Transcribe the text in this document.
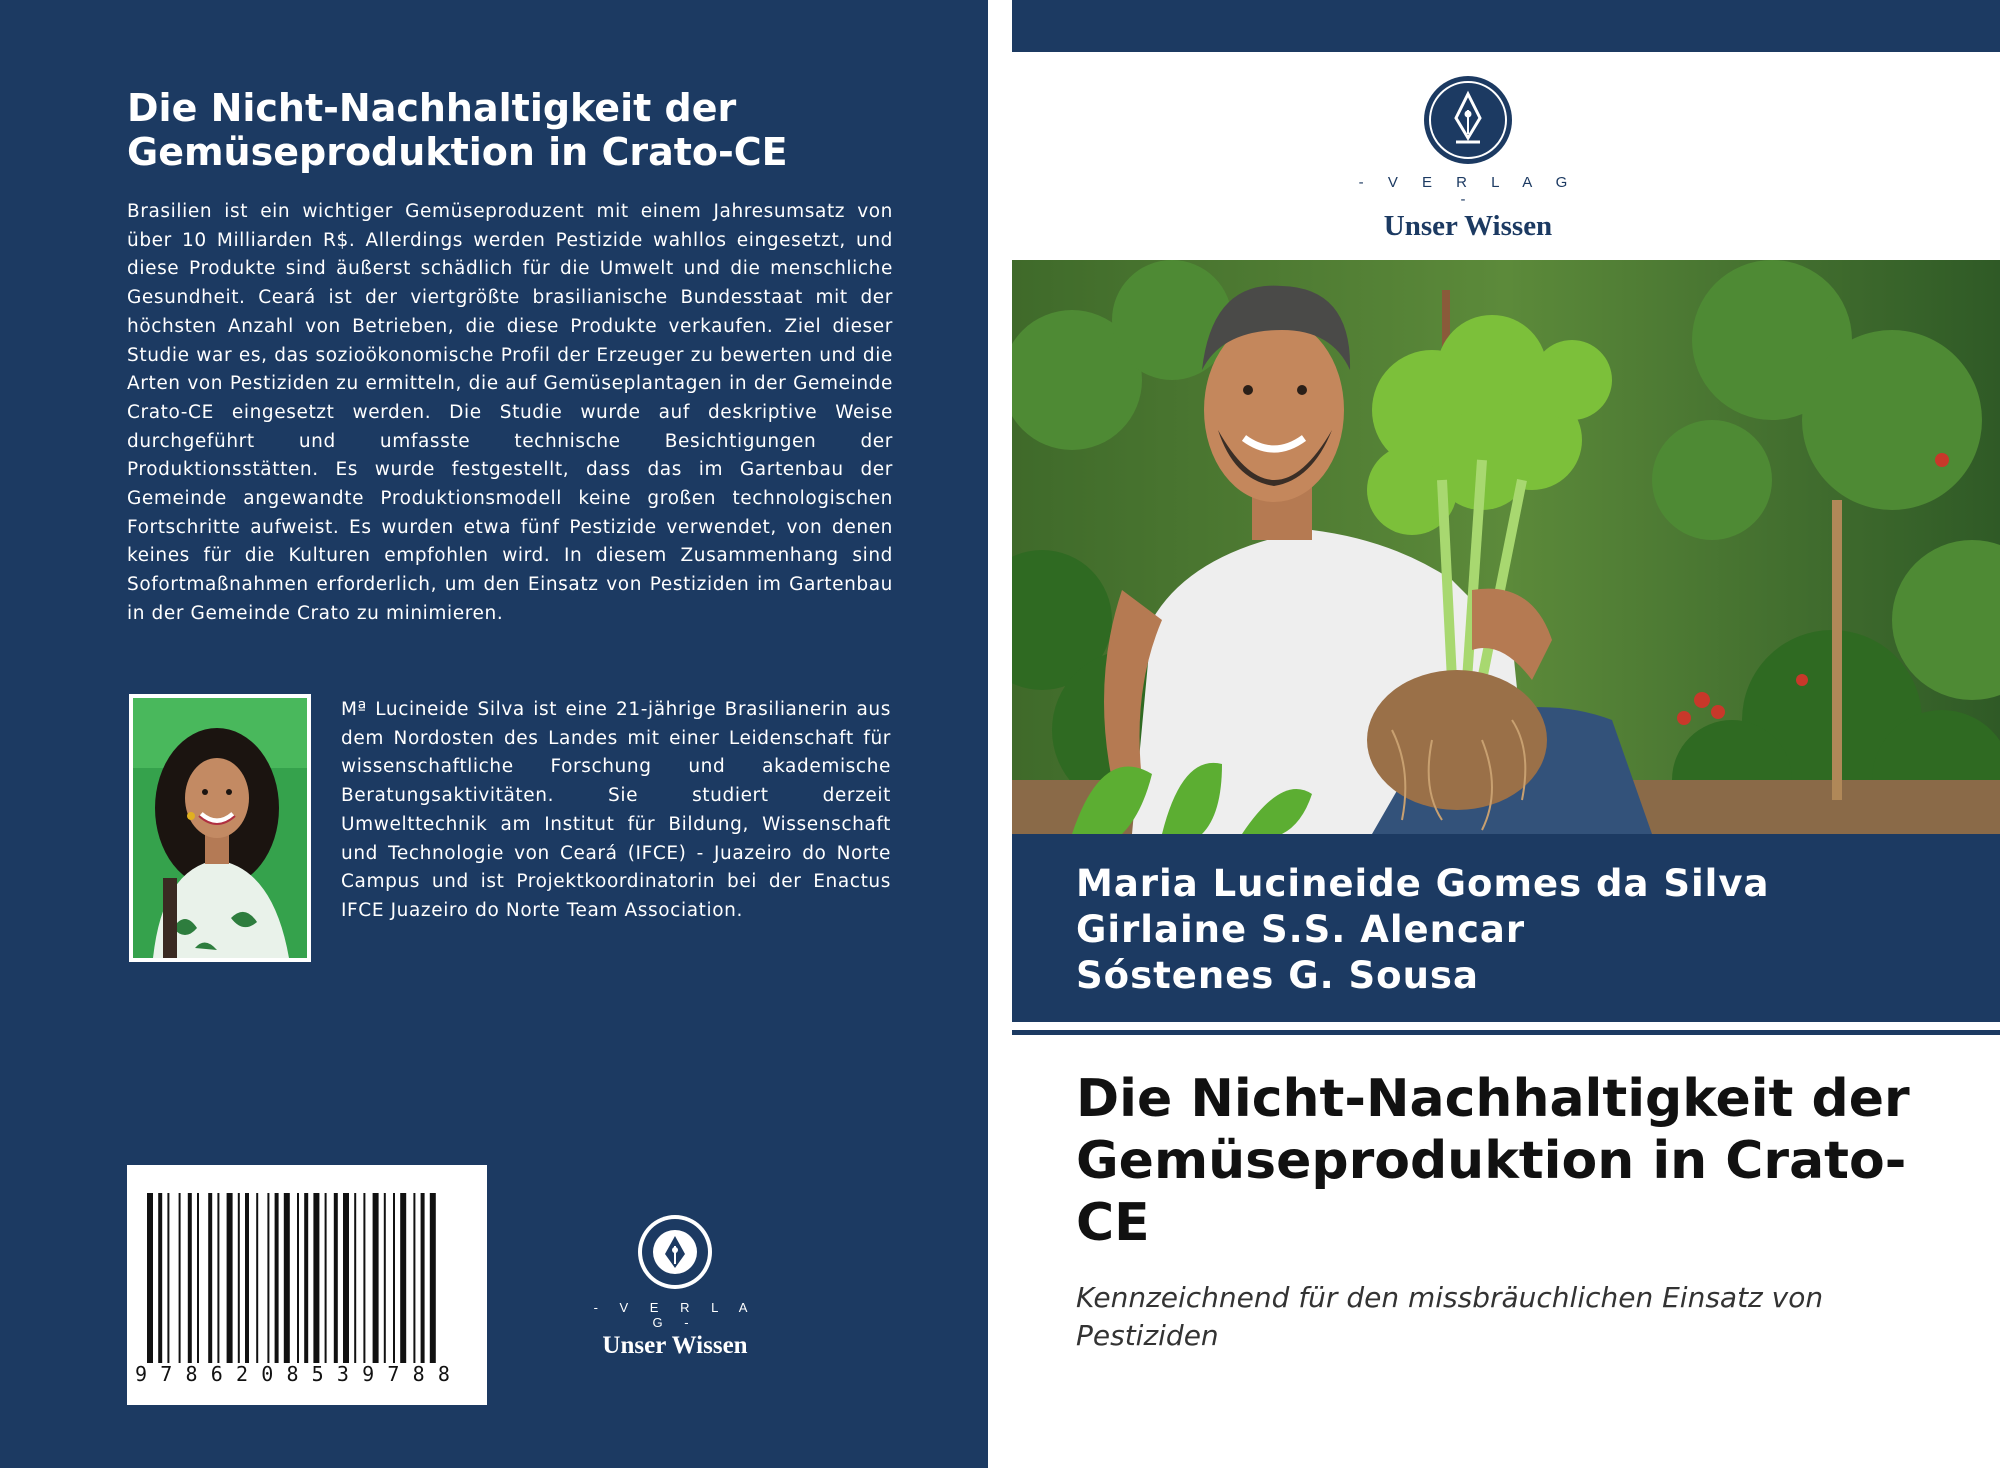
Die Nicht-Nachhaltigkeit der Gemüseproduktion in Crato-CE

Brasilien ist ein wichtiger Gemüseproduzent mit einem Jahresumsatz von über 10 Milliarden R$. Allerdings werden Pestizide wahllos eingesetzt, und diese Produkte sind äußerst schädlich für die Umwelt und die menschliche Gesundheit. Ceará ist der viertgrößte brasilianische Bundesstaat mit der höchsten Anzahl von Betrieben, die diese Produkte verkaufen. Ziel dieser Studie war es, das sozioökonomische Profil der Erzeuger zu bewerten und die Arten von Pestiziden zu ermitteln, die auf Gemüseplantagen in der Gemeinde Crato-CE eingesetzt werden. Die Studie wurde auf deskriptive Weise durchgeführt und umfasste technische Besichtigungen der Produktionsstätten. Es wurde festgestellt, dass das im Gartenbau der Gemeinde angewandte Produktionsmodell keine großen technologischen Fortschritte aufweist. Es wurden etwa fünf Pestizide verwendet, von denen keines für die Kulturen empfohlen wird. In diesem Zusammenhang sind Sofortmaßnahmen erforderlich, um den Einsatz von Pestiziden im Gartenbau in der Gemeinde Crato zu minimieren.

Mª Lucineide Silva ist eine 21-jährige Brasilianerin aus dem Nordosten des Landes mit einer Leidenschaft für wissenschaftliche Forschung und akademische Beratungsaktivitäten. Sie studiert derzeit Umwelttechnik am Institut für Bildung, Wissenschaft und Technologie von Ceará (IFCE) - Juazeiro do Norte Campus und ist Projektkoordinatorin bei der Enactus IFCE Juazeiro do Norte Team Association.

9786208539788
- V E R L A G -
Unser Wissen
- V E R L A G -
Unser Wissen
Maria Lucineide Gomes da Silva
Girlaine S.S. Alencar
Sóstenes G. Sousa
Die Nicht-Nachhaltigkeit der Gemüseproduktion in Crato-CE
Kennzeichnend für den missbräuchlichen Einsatz von Pestiziden
